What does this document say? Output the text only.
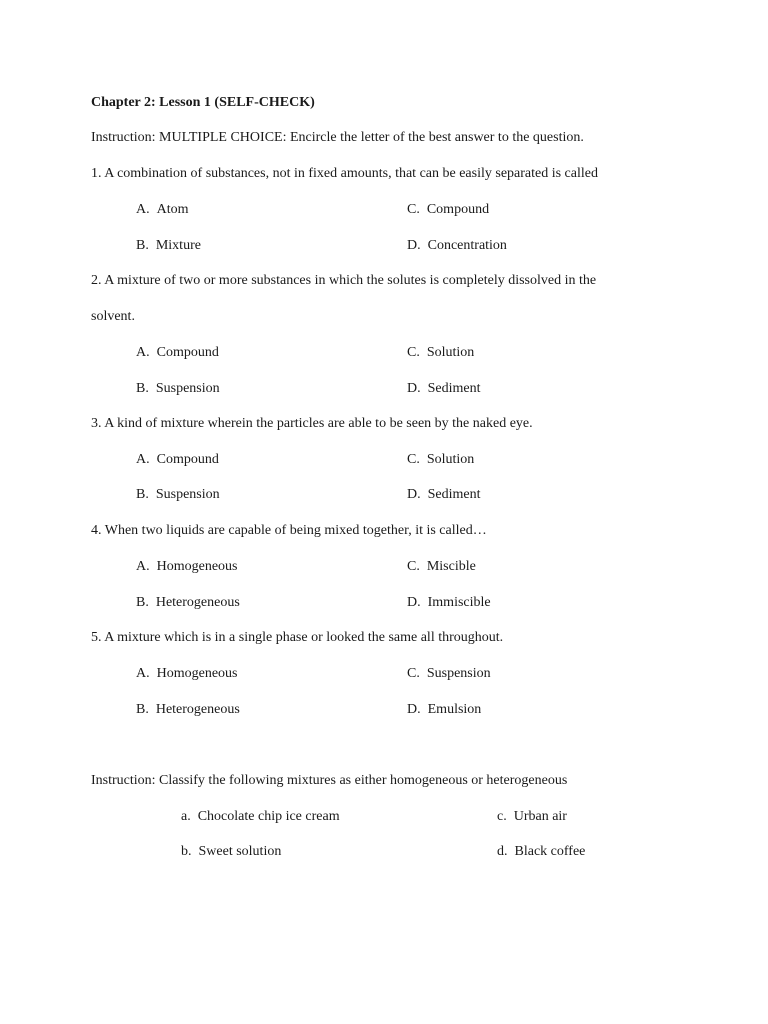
Chapter 2: Lesson 1 (SELF-CHECK)
Instruction: MULTIPLE CHOICE: Encircle the letter of the best answer to the question.
1. A combination of substances, not in fixed amounts, that can be easily separated is called
A. Atom	C. Compound
B. Mixture	D. Concentration
2. A mixture of two or more substances in which the solutes is completely dissolved in the
solvent.
A. Compound	C. Solution
B. Suspension	D. Sediment
3. A kind of mixture wherein the particles are able to be seen by the naked eye.
A. Compound	C. Solution
B. Suspension	D. Sediment
4. When two liquids are capable of being mixed together, it is called…
A. Homogeneous	C. Miscible
B. Heterogeneous	D. Immiscible
5. A mixture which is in a single phase or looked the same all throughout.
A. Homogeneous	C. Suspension
B. Heterogeneous	D. Emulsion
Instruction: Classify the following mixtures as either homogeneous or heterogeneous
a. Chocolate chip ice cream	c. Urban air
b. Sweet solution	d. Black coffee
